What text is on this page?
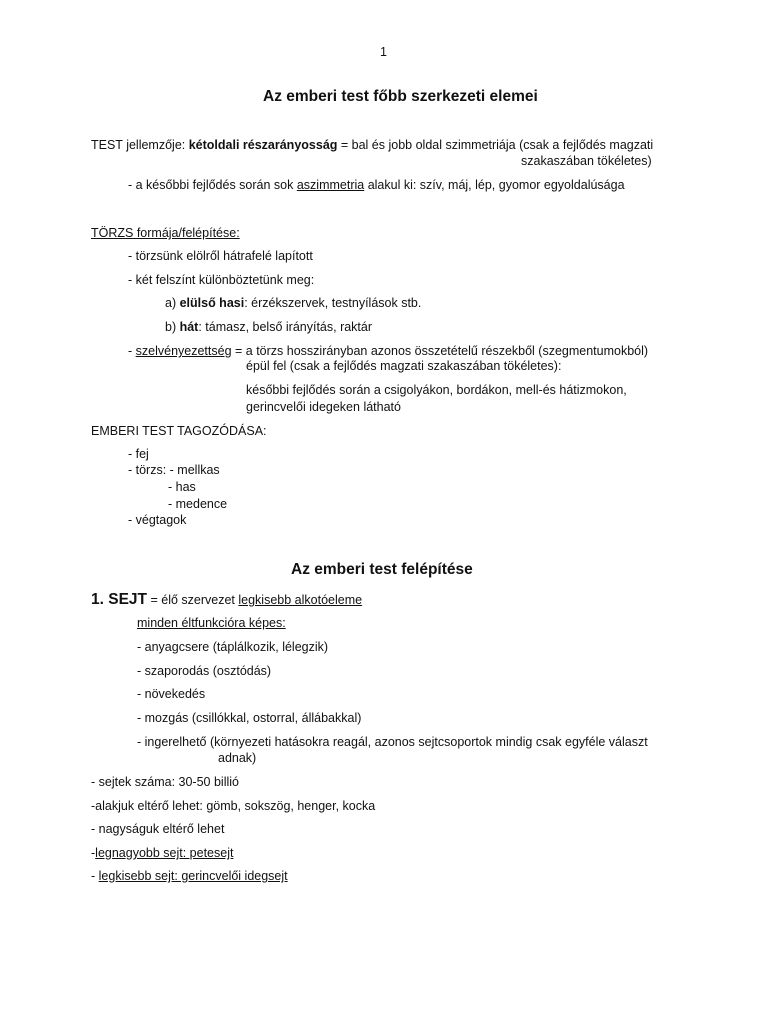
1
Az emberi test főbb szerkezeti elemei
TEST jellemzője: kétoldali részarányosság = bal és jobb oldal szimmetriája (csak a fejlődés magzati
szakaszában tökéletes)
- a későbbi fejlődés során sok aszimmetria alakul ki: szív, máj, lép, gyomor egyoldalúsága
TÖRZS formája/felépítése:
- törzsünk elölről hátrafelé lapított
- két felszínt különböztetünk meg:
a) elülső hasi: érzékszervek, testnyílások stb.
b) hát: támasz, belső irányítás, raktár
- szelvényezettség = a törzs hosszirányban azonos összetételű részekből (szegmentumokból)
épül fel (csak a fejlődés magzati szakaszában tökéletes):
későbbi fejlődés során a csigolyákon, bordákon, mell-és hátizmokon,
gerincvelői idegeken látható
EMBERI TEST TAGOZÓDÁSA:
- fej
- törzs: - mellkas
- has
- medence
- végtagok
Az emberi test felépítése
1. SEJT = élő szervezet legkisebb alkotóeleme
minden éltfunkcióra képes:
- anyagcsere (táplálkozik, lélegzik)
- szaporodás (osztódás)
- növekedés
- mozgás (csillókkal, ostorral, állábakkal)
- ingerelhető (környezeti hatásokra reagál, azonos sejtcsoportok mindig csak egyféle választ
adnak)
- sejtek száma: 30-50 billió
-alakjuk eltérő lehet: gömb, sokszög, henger, kocka
- nagyságuk eltérő lehet
-legnagyobb sejt: petesejt
- legkisebb sejt: gerincvelői idegsejt
